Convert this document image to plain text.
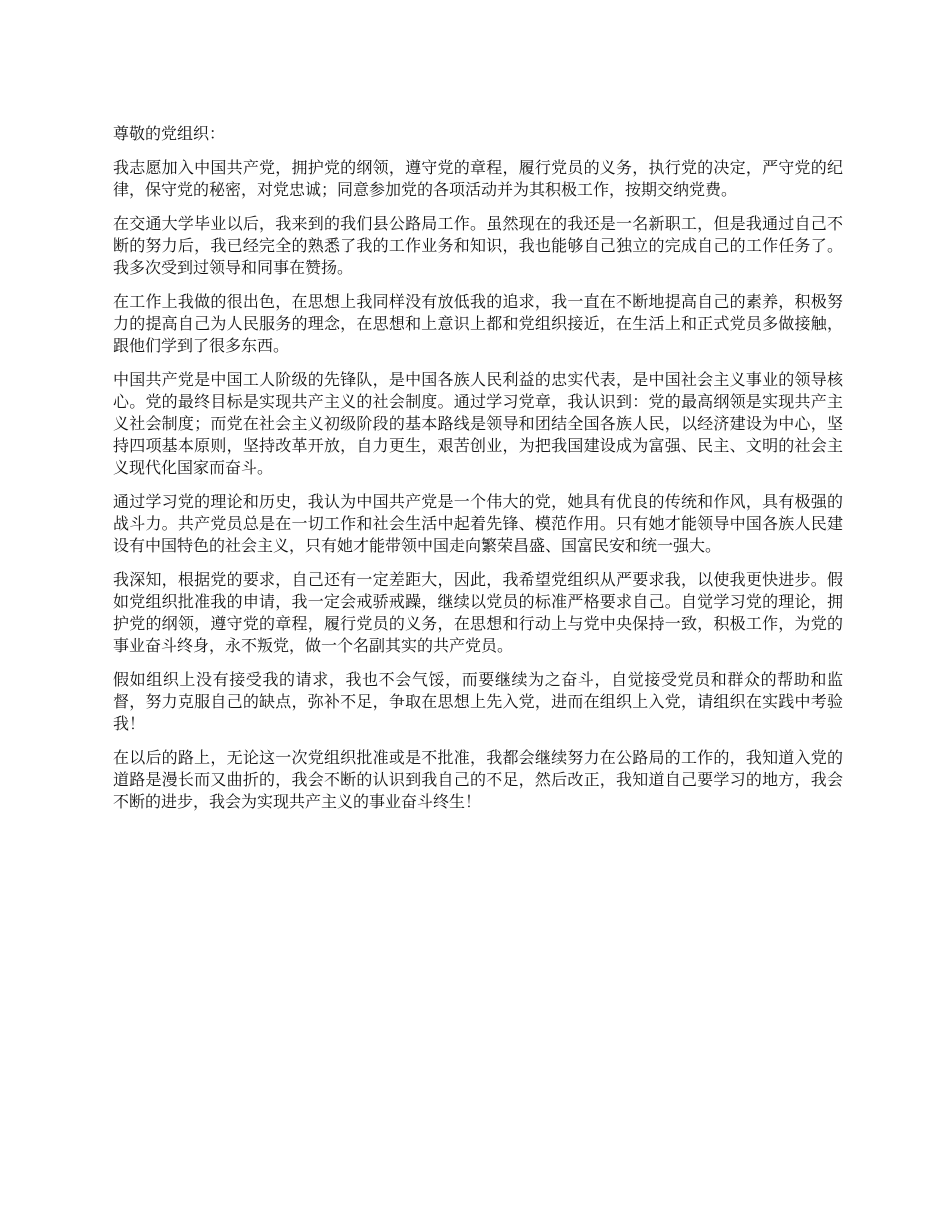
尊敬的党组织：

我志愿加入中国共产党，拥护党的纲领，遵守党的章程，履行党员的义务，执行党的决定，严守党的纪律，保守党的秘密，对党忠诚；同意参加党的各项活动并为其积极工作，按期交纳党费。

在交通大学毕业以后，我来到的我们县公路局工作。虽然现在的我还是一名新职工，但是我通过自己不断的努力后，我已经完全的熟悉了我的工作业务和知识，我也能够自己独立的完成自己的工作任务了。我多次受到过领导和同事在赞扬。

在工作上我做的很出色，在思想上我同样没有放低我的追求，我一直在不断地提高自己的素养，积极努力的提高自己为人民服务的理念，在思想和上意识上都和党组织接近，在生活上和正式党员多做接触，跟他们学到了很多东西。

中国共产党是中国工人阶级的先锋队，是中国各族人民利益的忠实代表，是中国社会主义事业的领导核心。党的最终目标是实现共产主义的社会制度。通过学习党章，我认识到：党的最高纲领是实现共产主义社会制度；而党在社会主义初级阶段的基本路线是领导和团结全国各族人民，以经济建设为中心，坚持四项基本原则，坚持改革开放，自力更生，艰苦创业，为把我国建设成为富强、民主、文明的社会主义现代化国家而奋斗。

通过学习党的理论和历史，我认为中国共产党是一个伟大的党，她具有优良的传统和作风，具有极强的战斗力。共产党员总是在一切工作和社会生活中起着先锋、模范作用。只有她才能领导中国各族人民建设有中国特色的社会主义，只有她才能带领中国走向繁荣昌盛、国富民安和统一强大。

我深知，根据党的要求，自己还有一定差距大，因此，我希望党组织从严要求我，以使我更快进步。假如党组织批准我的申请，我一定会戒骄戒躁，继续以党员的标准严格要求自己。自觉学习党的理论，拥护党的纲领，遵守党的章程，履行党员的义务，在思想和行动上与党中央保持一致，积极工作，为党的事业奋斗终身，永不叛党，做一个名副其实的共产党员。

假如组织上没有接受我的请求，我也不会气馁，而要继续为之奋斗，自觉接受党员和群众的帮助和监督，努力克服自己的缺点，弥补不足，争取在思想上先入党，进而在组织上入党，请组织在实践中考验我！

在以后的路上，无论这一次党组织批准或是不批准，我都会继续努力在公路局的工作的，我知道入党的道路是漫长而又曲折的，我会不断的认识到我自己的不足，然后改正，我知道自己要学习的地方，我会不断的进步，我会为实现共产主义的事业奋斗终生！
